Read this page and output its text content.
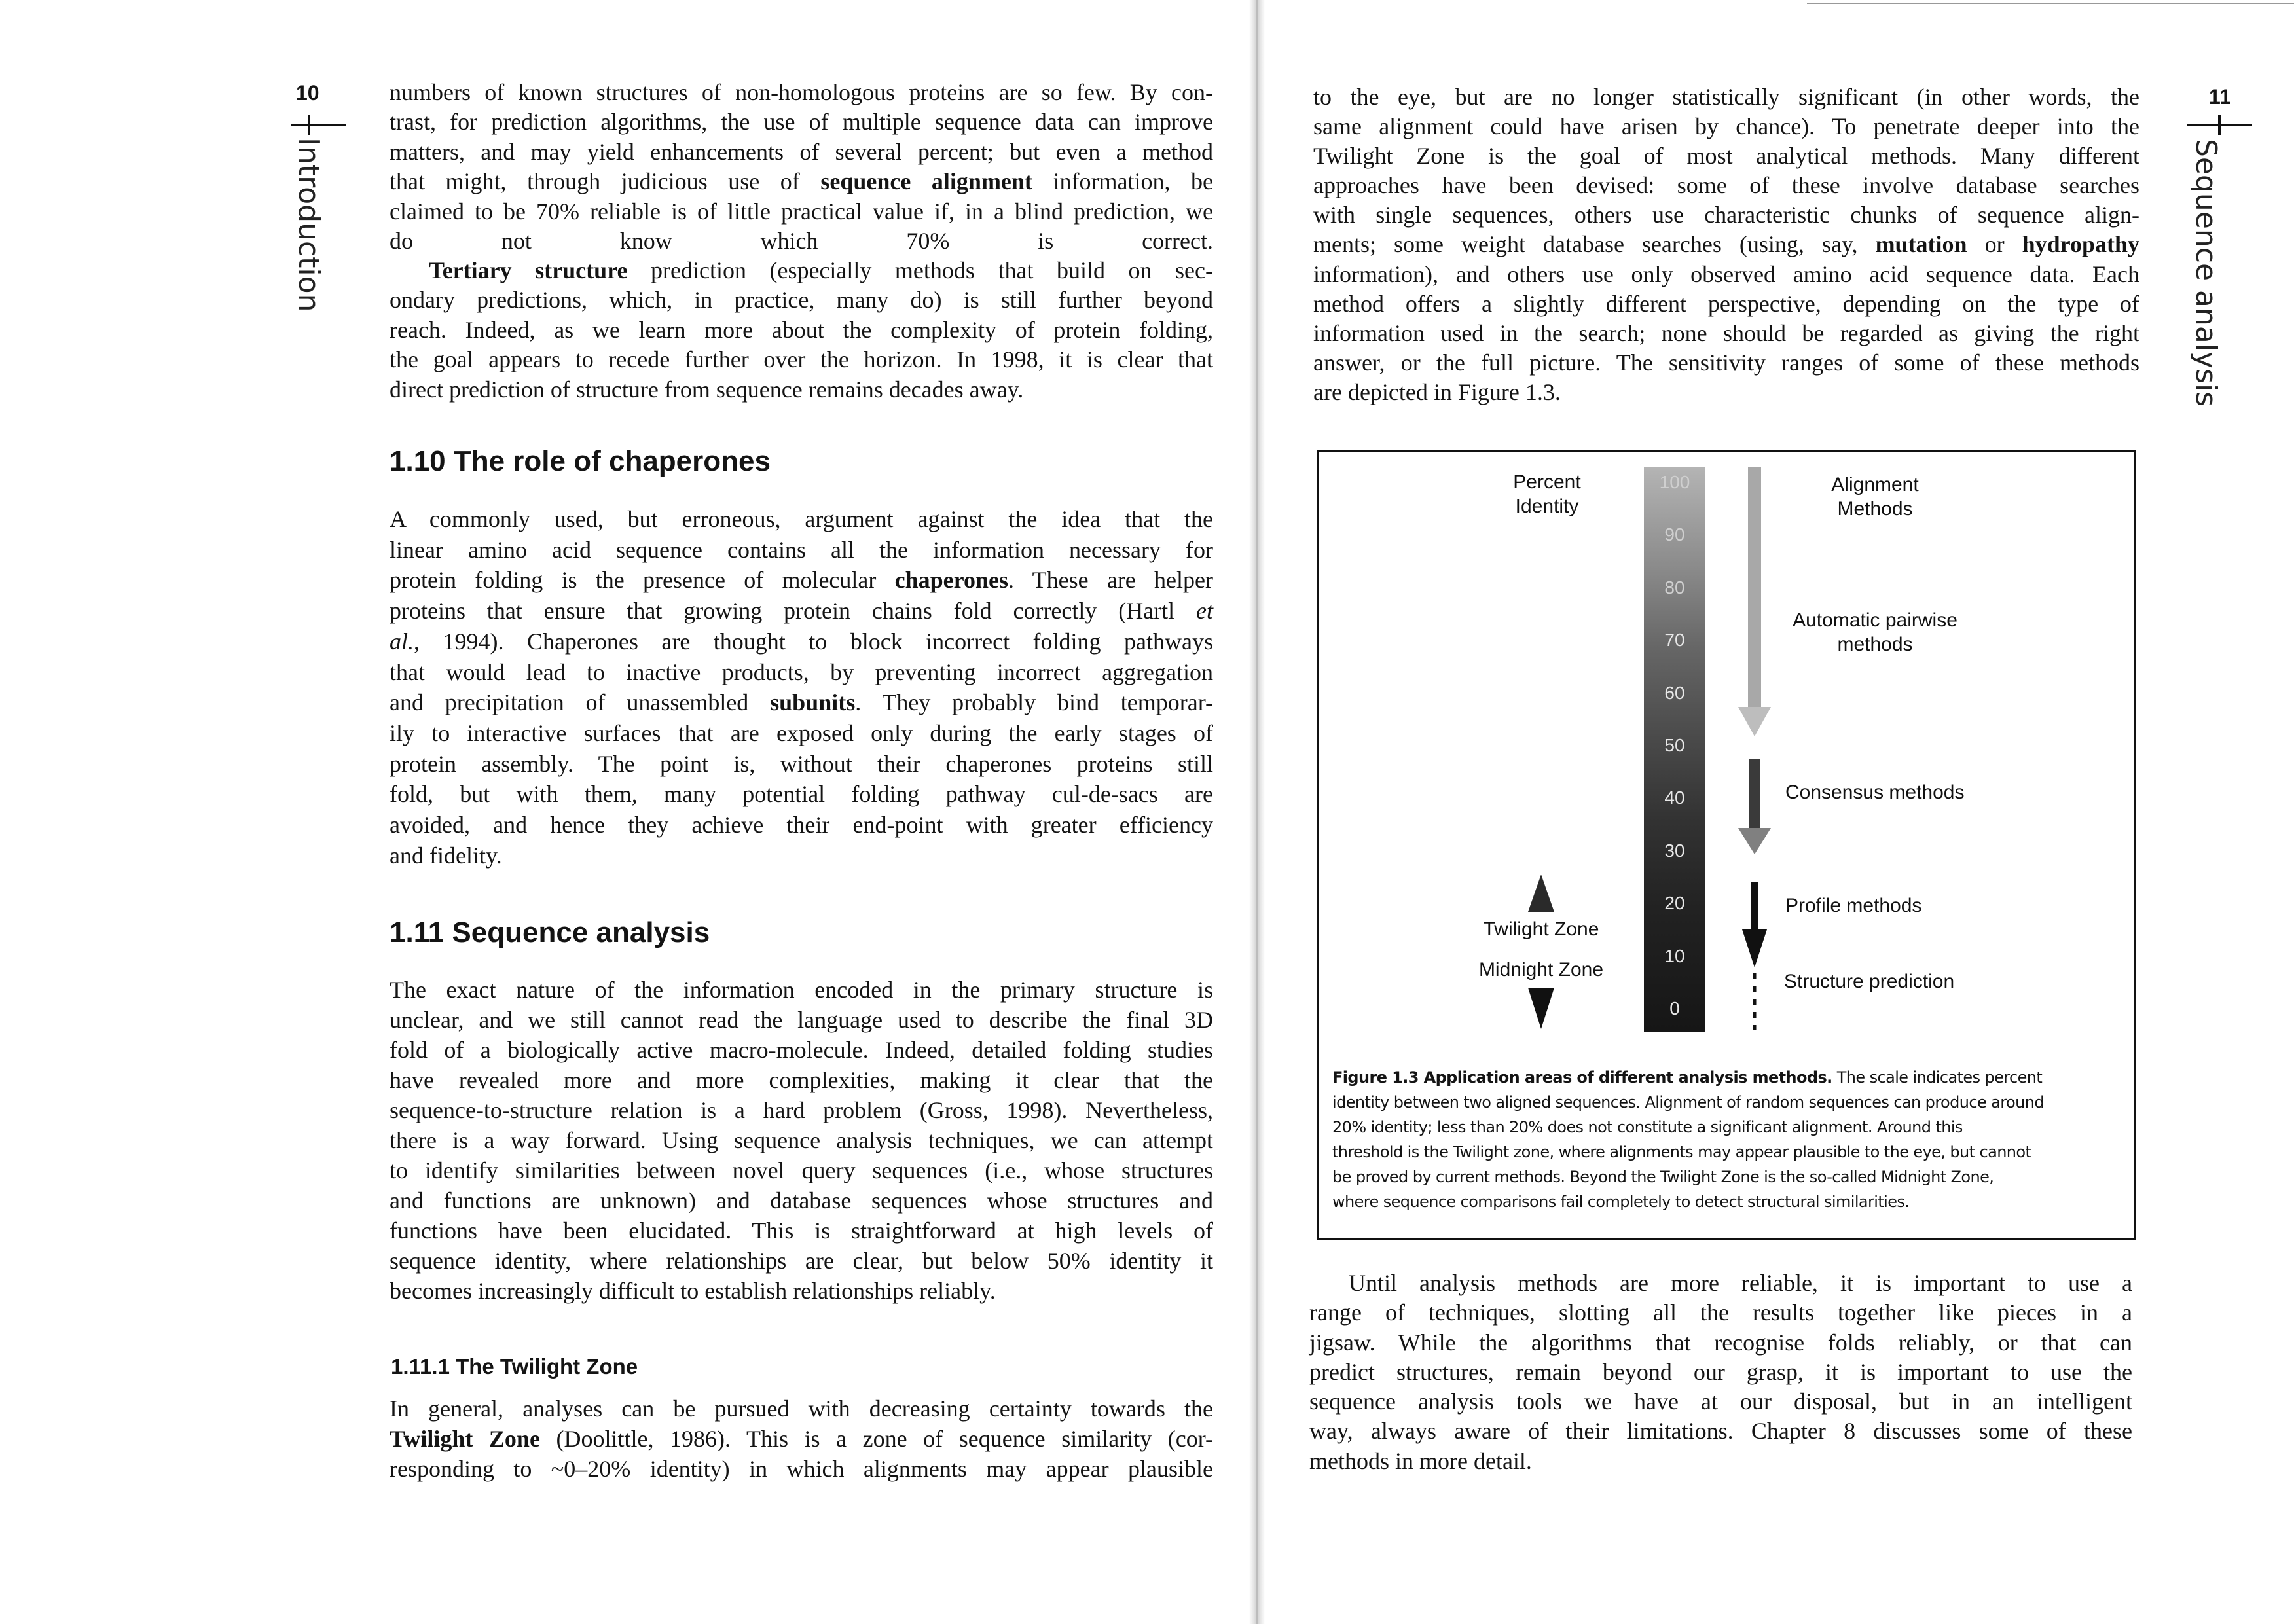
10
Introduction
numbers of known structures of non-homologous proteins are so few. By con-
trast, for prediction algorithms, the use of multiple sequence data can improve
matters, and may yield enhancements of several percent; but even a method
that might, through judicious use of sequence alignment information, be
claimed to be 70% reliable is of little practical value if, in a blind prediction, we
do not know which 70% is correct.
Tertiary structure prediction (especially methods that build on sec-
ondary predictions, which, in practice, many do) is still further beyond
reach. Indeed, as we learn more about the complexity of protein folding,
the goal appears to recede further over the horizon. In 1998, it is clear that
direct prediction of structure from sequence remains decades away.
1.10 The role of chaperones
A commonly used, but erroneous, argument against the idea that the
linear amino acid sequence contains all the information necessary for
protein folding is the presence of molecular chaperones. These are helper
proteins that ensure that growing protein chains fold correctly (Hartl et
al., 1994). Chaperones are thought to block incorrect folding pathways
that would lead to inactive products, by preventing incorrect aggregation
and precipitation of unassembled subunits. They probably bind temporar-
ily to interactive surfaces that are exposed only during the early stages of
protein assembly. The point is, without their chaperones proteins still
fold, but with them, many potential folding pathway cul-de-sacs are
avoided, and hence they achieve their end-point with greater efficiency
and fidelity.
1.11 Sequence analysis
The exact nature of the information encoded in the primary structure is
unclear, and we still cannot read the language used to describe the final 3D
fold of a biologically active macro-molecule. Indeed, detailed folding studies
have revealed more and more complexities, making it clear that the
sequence-to-structure relation is a hard problem (Gross, 1998). Nevertheless,
there is a way forward. Using sequence analysis techniques, we can attempt
to identify similarities between novel query sequences (i.e., whose structures
and functions are unknown) and database sequences whose structures and
functions have been elucidated. This is straightforward at high levels of
sequence identity, where relationships are clear, but below 50% identity it
becomes increasingly difficult to establish relationships reliably.
1.11.1 The Twilight Zone
In general, analyses can be pursued with decreasing certainty towards the
Twilight Zone (Doolittle, 1986). This is a zone of sequence similarity (cor-
responding to ~0–20% identity) in which alignments may appear plausible
11
Sequence analysis
to the eye, but are no longer statistically significant (in other words, the
same alignment could have arisen by chance). To penetrate deeper into the
Twilight Zone is the goal of most analytical methods. Many different
approaches have been devised: some of these involve database searches
with single sequences, others use characteristic chunks of sequence align-
ments; some weight database searches (using, say, mutation or hydropathy
information), and others use only observed amino acid sequence data. Each
method offers a slightly different perspective, depending on the type of
information used in the search; none should be regarded as giving the right
answer, or the full picture. The sensitivity ranges of some of these methods
are depicted in Figure 1.3.
100
90
80
70
60
50
40
30
20
10
0
Percent
Identity
Alignment
Methods
Automatic pairwise
methods
Consensus methods
Profile methods
Structure prediction
Twilight Zone
Midnight Zone
Figure 1.3 Application areas of different analysis methods. The scale indicates percent
identity between two aligned sequences. Alignment of random sequences can produce around
20% identity; less than 20% does not constitute a significant alignment. Around this
threshold is the Twilight zone, where alignments may appear plausible to the eye, but cannot
be proved by current methods. Beyond the Twilight Zone is the so-called Midnight Zone,
where sequence comparisons fail completely to detect structural similarities.
Until analysis methods are more reliable, it is important to use a
range of techniques, slotting all the results together like pieces in a
jigsaw. While the algorithms that recognise folds reliably, or that can
predict structures, remain beyond our grasp, it is important to use the
sequence analysis tools we have at our disposal, but in an intelligent
way, always aware of their limitations. Chapter 8 discusses some of these
methods in more detail.
